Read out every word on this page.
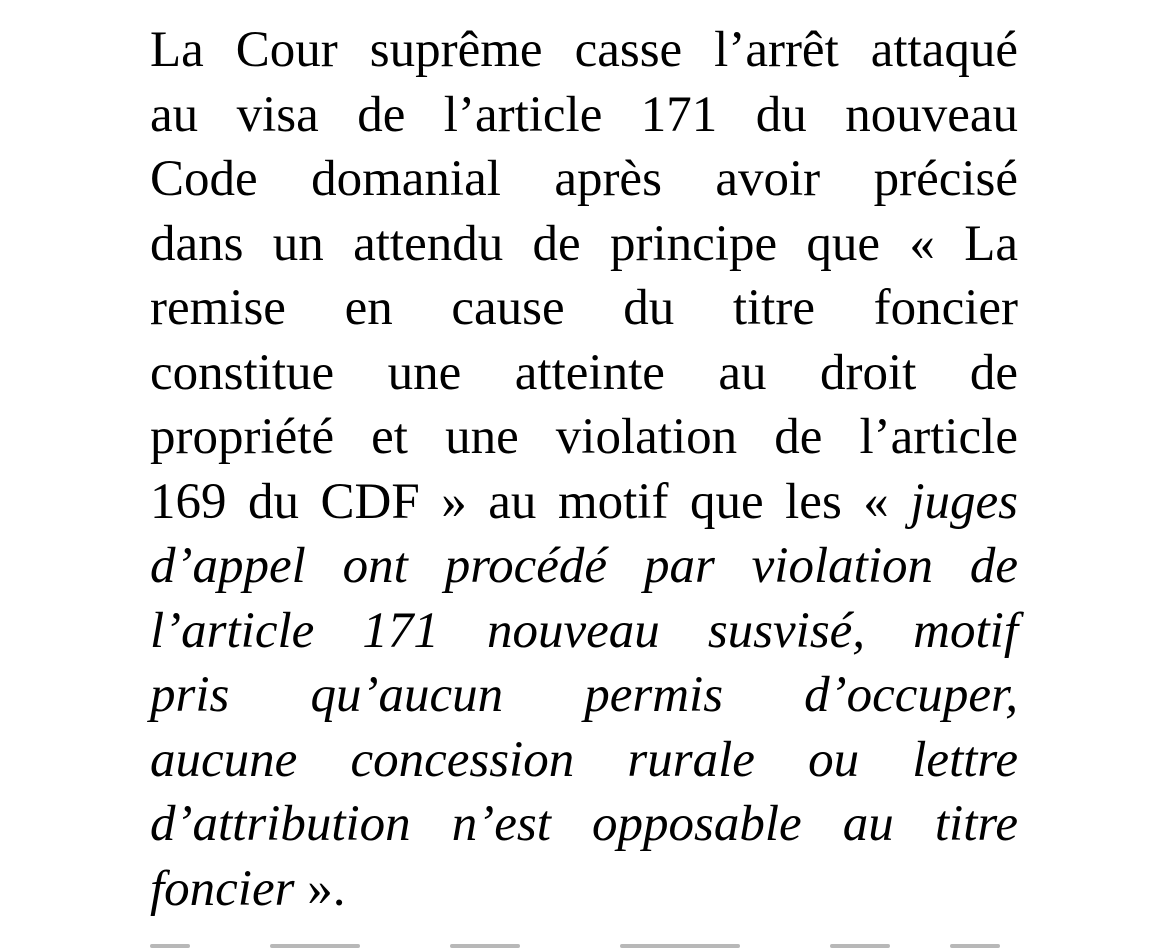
La Cour suprême casse l’arrêt attaqué
au visa de l’article 171 du nouveau
Code domanial après avoir précisé
dans un attendu de principe que « La
remise en cause du titre foncier
constitue une atteinte au droit de
propriété et une violation de l’article
169 du CDF » au motif que les « juges
d’appel ont procédé par violation de
l’article 171 nouveau susvisé, motif
pris qu’aucun permis d’occuper,
aucune concession rurale ou lettre
d’attribution n’est opposable au titre
foncier ».
